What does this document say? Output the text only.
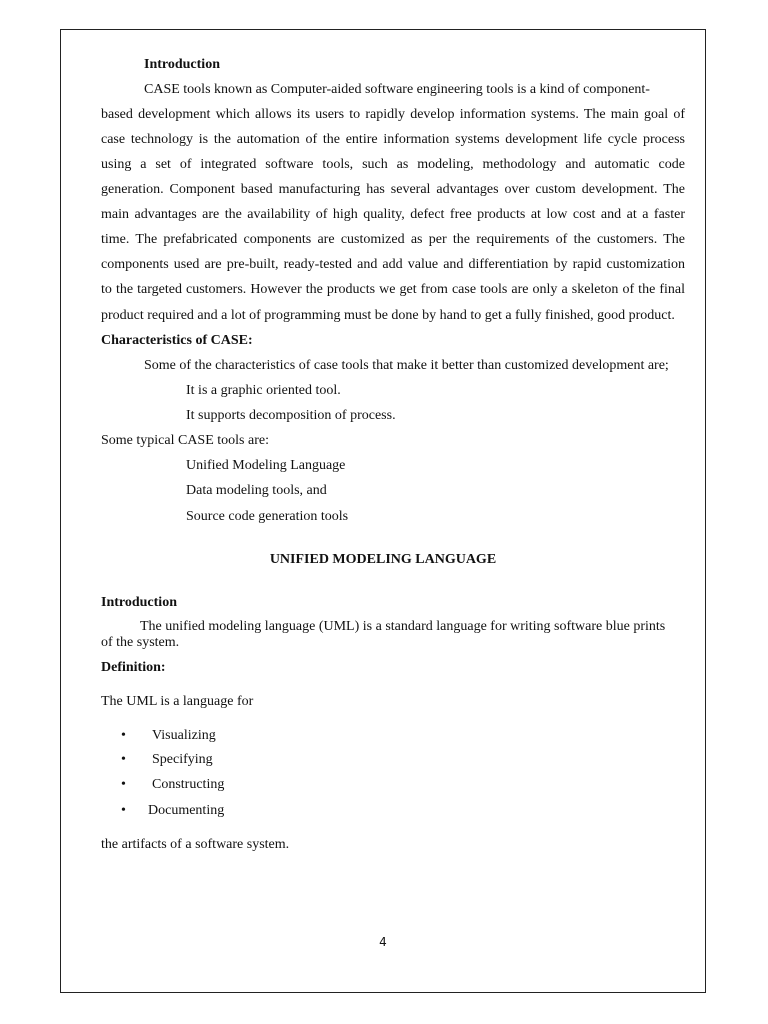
Introduction
CASE tools known as Computer-aided software engineering tools is a kind of component-
based development which allows its users to rapidly develop information systems. The main goal of
case technology is the automation of the entire information systems development life cycle process
using a set of integrated software tools, such as modeling, methodology and automatic code
generation. Component based manufacturing has several advantages over custom development. The
main advantages are the availability of high quality, defect free products at low cost and at a faster
time. The prefabricated components are customized as per the requirements of the customers. The
components used are pre-built, ready-tested and add value and differentiation by rapid customization
to the targeted customers. However the products we get from case tools are only a skeleton of the final
product required and a lot of programming must be done by hand to get a fully finished, good product.
Characteristics of CASE:
Some of the characteristics of case tools that make it better than customized development are;
It is a graphic oriented tool.
It supports decomposition of process.
Some typical CASE tools are:
Unified Modeling Language
Data modeling tools, and
Source code generation tools
UNIFIED MODELING LANGUAGE
Introduction
The unified modeling language (UML) is a standard language for writing software blue prints
of the system.
Definition:
The UML is a language for
• Visualizing
• Specifying
• Constructing
• Documenting
the artifacts of a software system.
4
